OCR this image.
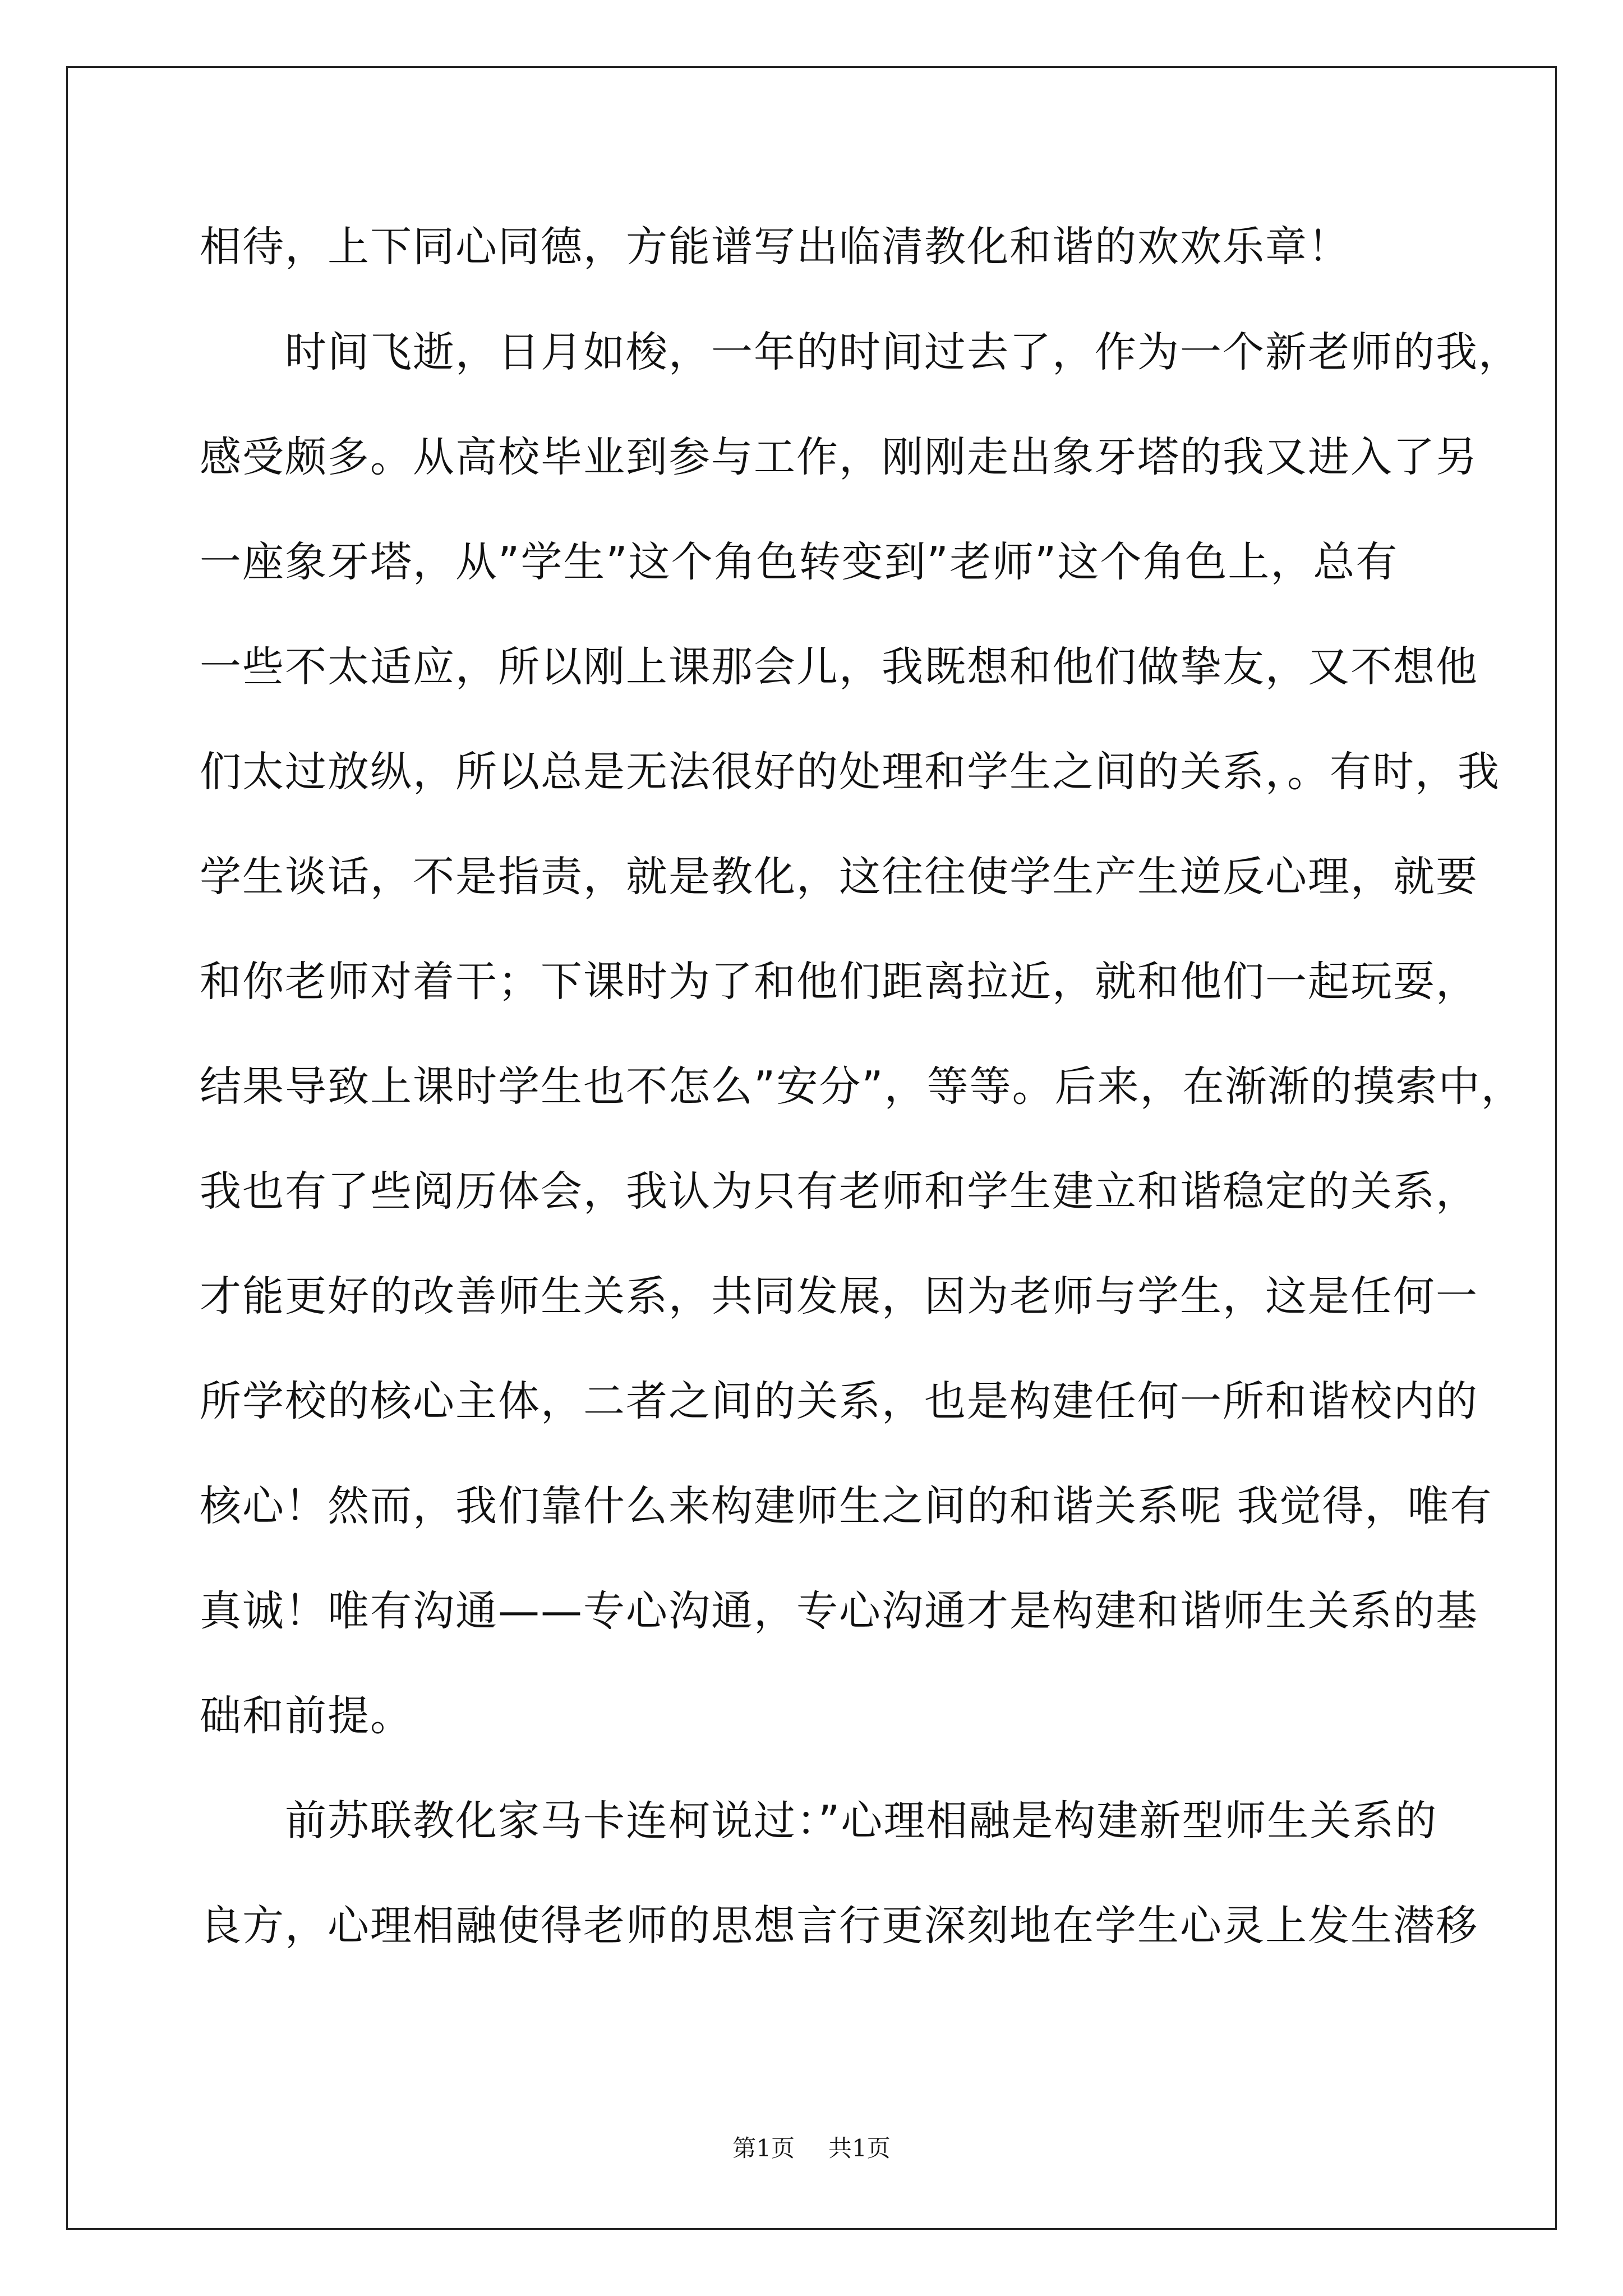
相待，上下同心同德，方能谱写出临清教化和谐的欢欢乐章！
　　时间飞逝，日月如梭，一年的时间过去了，作为一个新老师的我，
感受颇多。从高校毕业到参与工作，刚刚走出象牙塔的我又进入了另
一座象牙塔，从”学生”这个角色转变到”老师”这个角色上，总有
一些不太适应，所以刚上课那会儿，我既想和他们做挚友，又不想他
们太过放纵，所以总是无法很好的处理和学生之间的关系，。有时，我
学生谈话，不是指责，就是教化，这往往使学生产生逆反心理，就要
和你老师对着干；下课时为了和他们距离拉近，就和他们一起玩耍，
结果导致上课时学生也不怎么”安分”，等等。后来，在渐渐的摸索中，
我也有了些阅历体会，我认为只有老师和学生建立和谐稳定的关系，
才能更好的改善师生关系，共同发展，因为老师与学生，这是任何一
所学校的核心主体，二者之间的关系，也是构建任何一所和谐校内的
核心！然而，我们靠什么来构建师生之间的和谐关系呢 我觉得，唯有
真诚！唯有沟通——专心沟通，专心沟通才是构建和谐师生关系的基
础和前提。
　　前苏联教化家马卡连柯说过：”心理相融是构建新型师生关系的
良方，心理相融使得老师的思想言行更深刻地在学生心灵上发生潜移
第1页 共1页
